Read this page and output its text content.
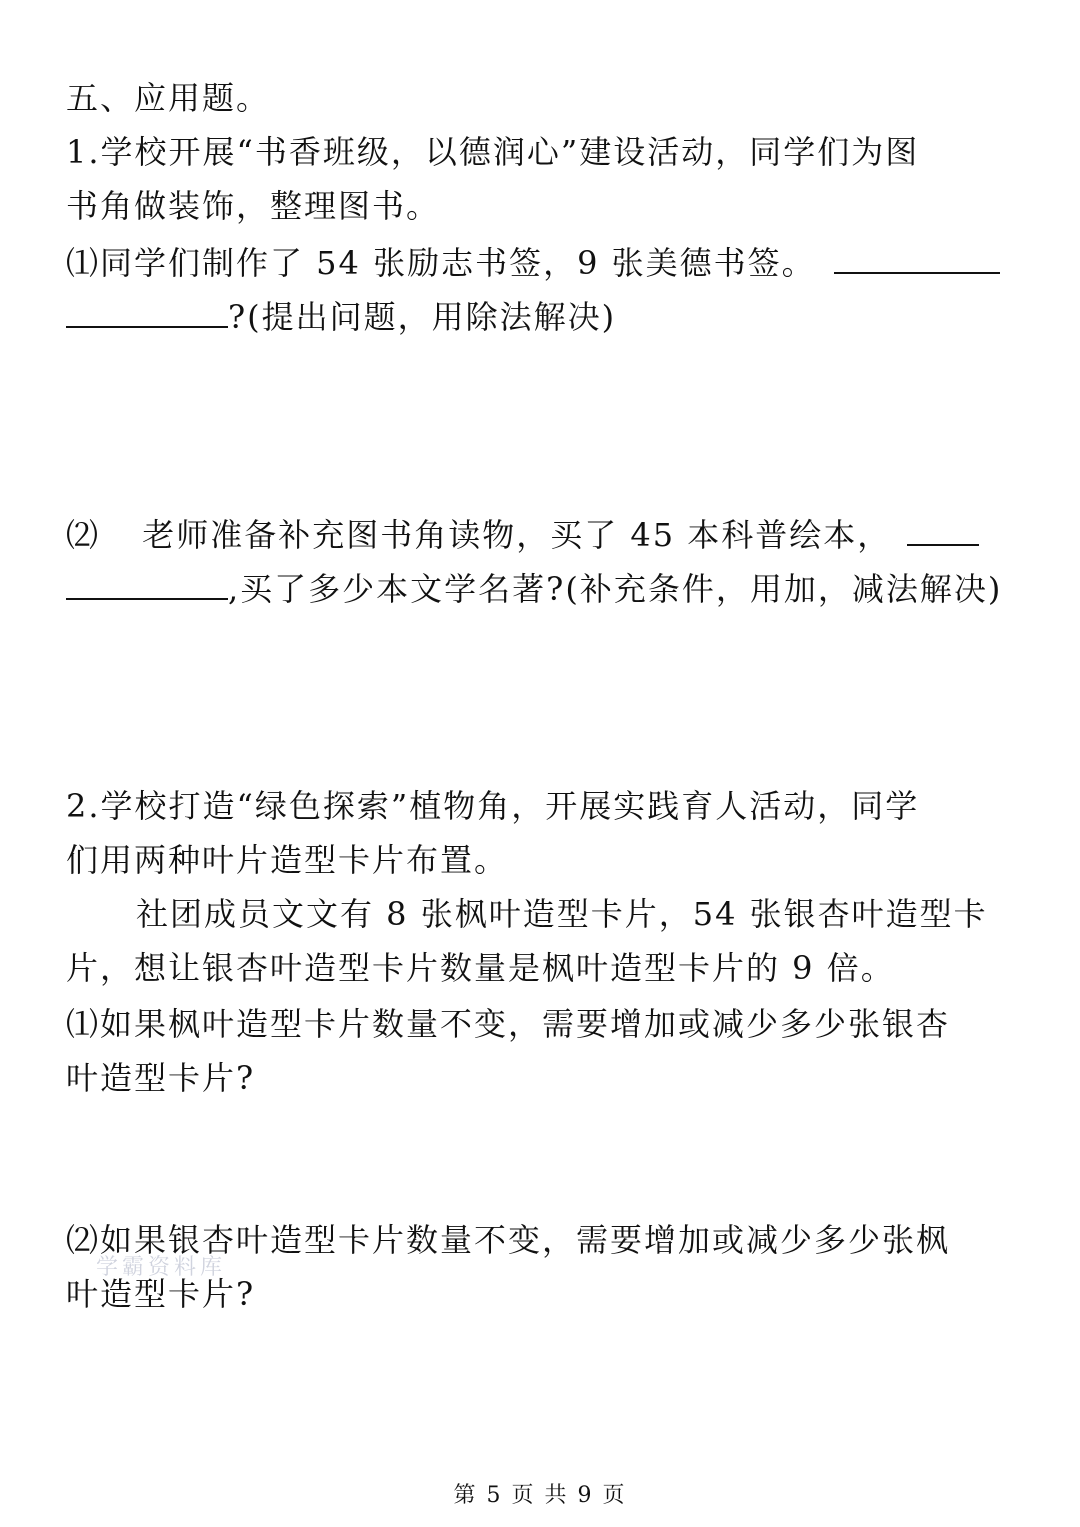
五、应用题。
1.学校开展“书香班级，以德润心”建设活动，同学们为图
书角做装饰，整理图书。
⑴同学们制作了 54 张励志书签，9 张美德书签。
?(提出问题，用除法解决)
⑵ 老师准备补充图书角读物，买了 45 本科普绘本，
,买了多少本文学名著?(补充条件，用加，减法解决)
2.学校打造“绿色探索”植物角，开展实践育人活动，同学
们用两种叶片造型卡片布置。
社团成员文文有 8 张枫叶造型卡片，54 张银杏叶造型卡
片，想让银杏叶造型卡片数量是枫叶造型卡片的 9 倍。
⑴如果枫叶造型卡片数量不变，需要增加或减少多少张银杏
叶造型卡片?
⑵如果银杏叶造型卡片数量不变，需要增加或减少多少张枫
叶造型卡片?
学霸资料库
第 5 页 共 9 页
